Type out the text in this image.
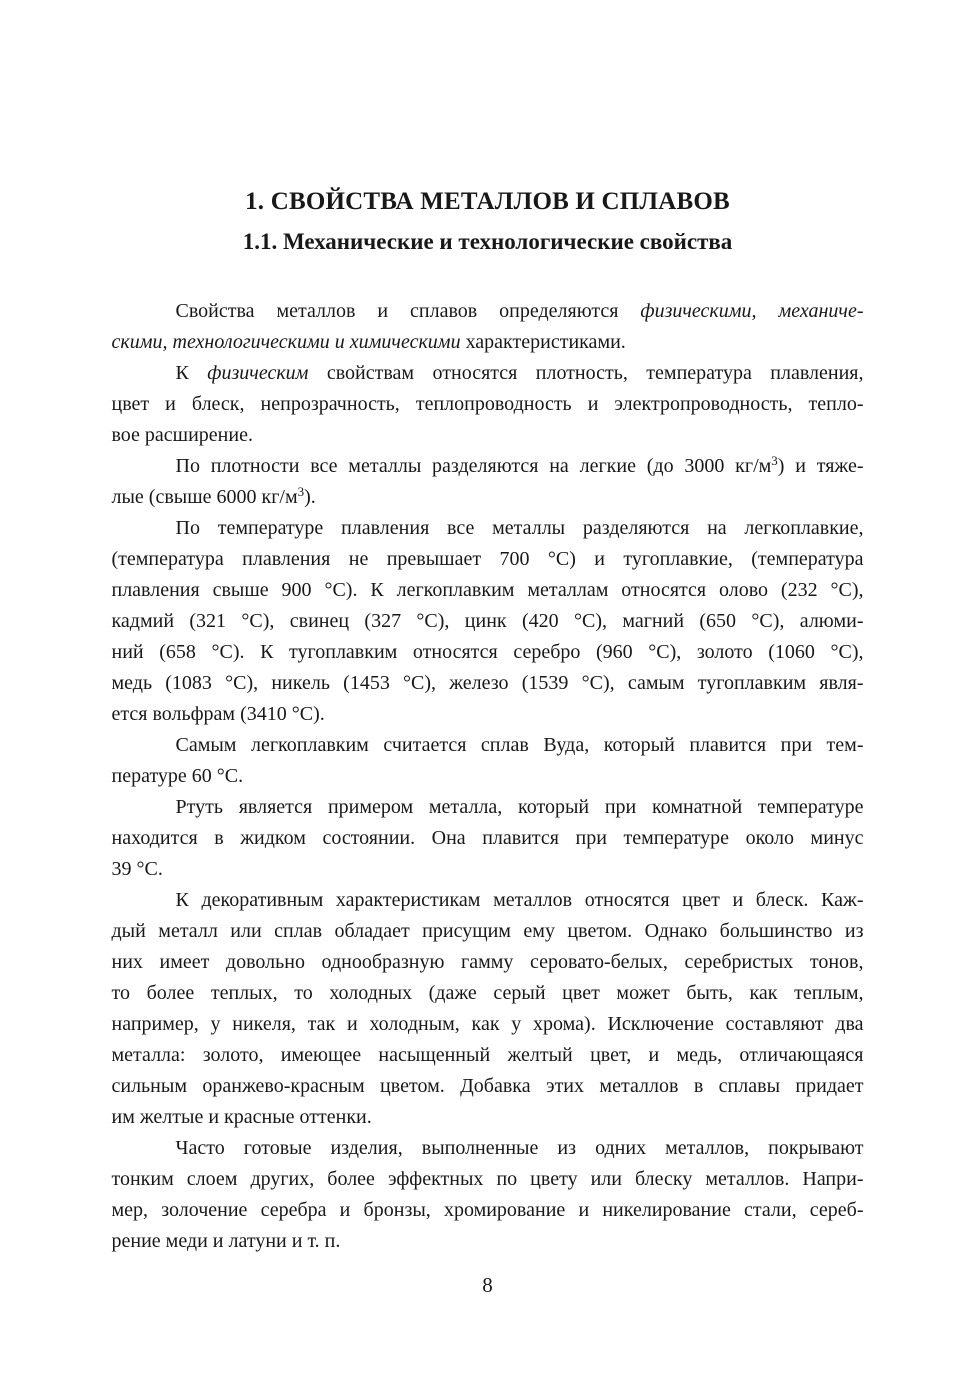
1. СВОЙСТВА МЕТАЛЛОВ И СПЛАВОВ
1.1. Механические и технологические свойства
Свойства металлов и сплавов определяются физическими, механиче-
скими, технологическими и химическими характеристиками.
К физическим свойствам относятся плотность, температура плавления,
цвет и блеск, непрозрачность, теплопроводность и электропроводность, тепло-
вое расширение.
По плотности все металлы разделяются на легкие (до 3000 $кг/м^3$) и тяже-
лые (свыше 6000 $кг/м^3$).
По температуре плавления все металлы разделяются на легкоплавкие,
(температура плавления не превышает 700 °С) и тугоплавкие, (температура
плавления свыше 900 °С). К легкоплавким металлам относятся олово (232 °С),
кадмий (321 °С), свинец (327 °С), цинк (420 °С), магний (650 °С), алюми-
ний (658 °С). К тугоплавким относятся серебро (960 °С), золото (1060 °С),
медь (1083 °С), никель (1453 °С), железо (1539 °С), самым тугоплавким явля-
ется вольфрам (3410 °С).
Самым легкоплавким считается сплав Вуда, который плавится при тем-
пературе 60 °С.
Ртуть является примером металла, который при комнатной температуре
находится в жидком состоянии. Она плавится при температуре около минус
39 °С.
К декоративным характеристикам металлов относятся цвет и блеск. Каж-
дый металл или сплав обладает присущим ему цветом. Однако большинство из
них имеет довольно однообразную гамму серовато-белых, серебристых тонов,
то более теплых, то холодных (даже серый цвет может быть, как теплым,
например, у никеля, так и холодным, как у хрома). Исключение составляют два
металла: золото, имеющее насыщенный желтый цвет, и медь, отличающаяся
сильным оранжево-красным цветом. Добавка этих металлов в сплавы придает
им желтые и красные оттенки.
Часто готовые изделия, выполненные из одних металлов, покрывают
тонким слоем других, более эффектных по цвету или блеску металлов. Напри-
мер, золочение серебра и бронзы, хромирование и никелирование стали, сереб-
рение меди и латуни и т. п.
8
